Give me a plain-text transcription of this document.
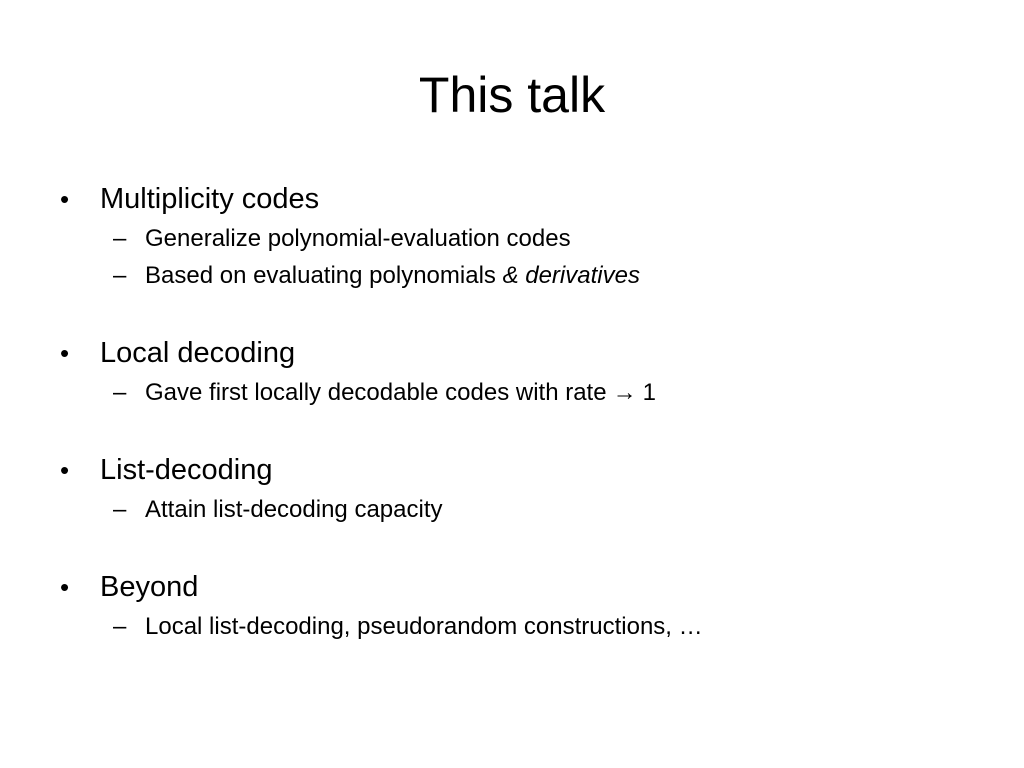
This talk
•	Multiplicity codes
– Generalize polynomial-evaluation codes
– Based on evaluating polynomials & derivatives
•	Local decoding
– Gave first locally decodable codes with rate → 1
•	List-decoding
– Attain list-decoding capacity
•	Beyond
– Local list-decoding, pseudorandom constructions, …
